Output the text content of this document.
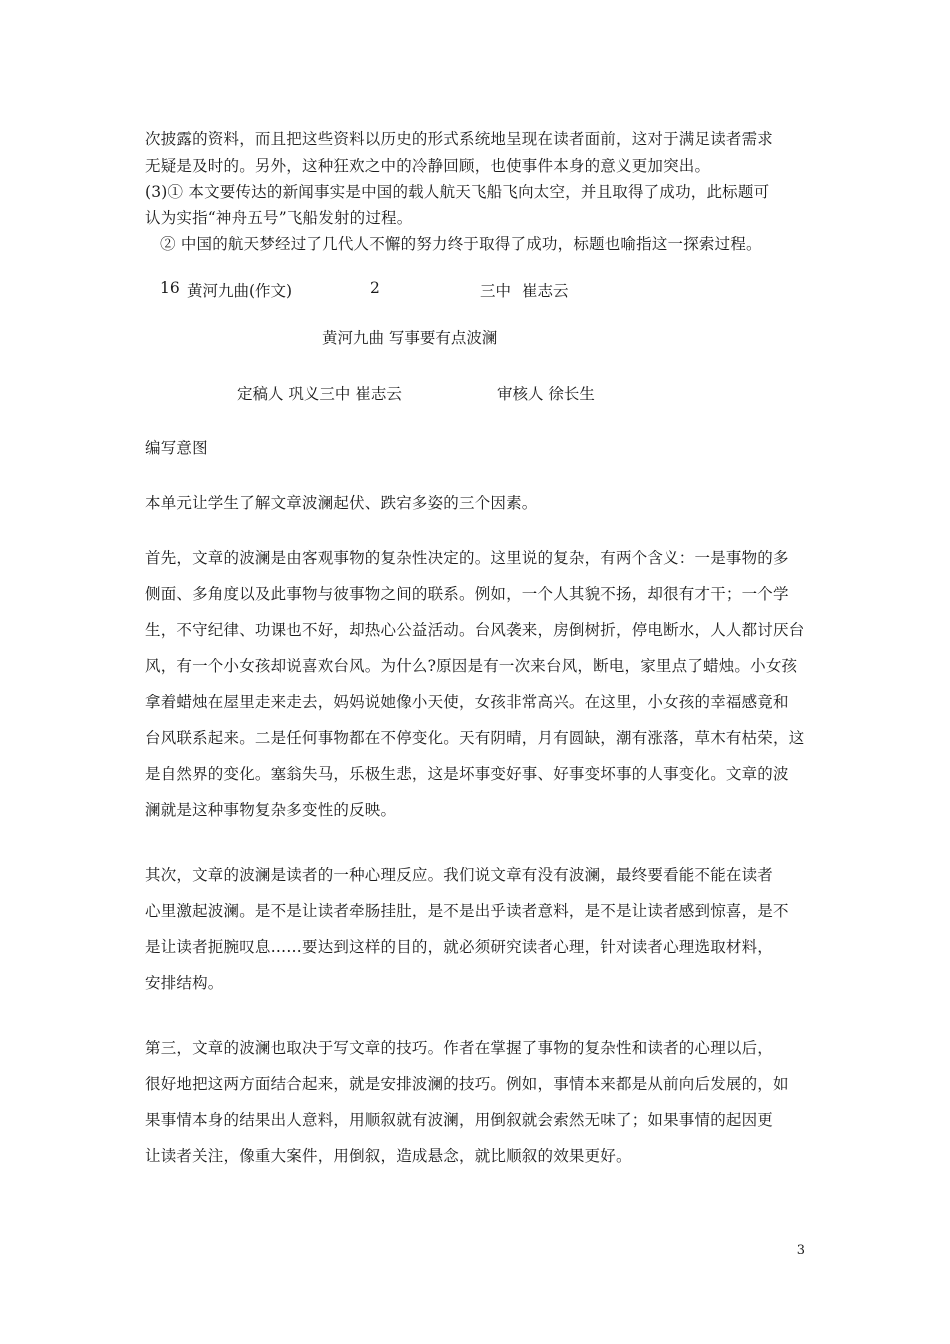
次披露的资料，而且把这些资料以历史的形式系统地呈现在读者面前，这对于满足读者需求
无疑是及时的。另外，这种狂欢之中的冷静回顾，也使事件本身的意义更加突出。
(3)① 本文要传达的新闻事实是中国的载人航天飞船飞向太空，并且取得了成功，此标题可
认为实指“神舟五号”飞船发射的过程。
② 中国的航天梦经过了几代人不懈的努力终于取得了成功，标题也喻指这一探索过程。
16 黄河九曲(作文)	2	三中 崔志云
黄河九曲 写事要有点波澜
定稿人 巩义三中 崔志云	审核人 徐长生
编写意图
本单元让学生了解文章波澜起伏、跌宕多姿的三个因素。
首先，文章的波澜是由客观事物的复杂性决定的。这里说的复杂，有两个含义：一是事物的多
侧面、多角度以及此事物与彼事物之间的联系。例如，一个人其貌不扬，却很有才干；一个学
生，不守纪律、功课也不好，却热心公益活动。台风袭来，房倒树折，停电断水，人人都讨厌台
风，有一个小女孩却说喜欢台风。为什么?原因是有一次来台风，断电，家里点了蜡烛。小女孩
拿着蜡烛在屋里走来走去，妈妈说她像小天使，女孩非常高兴。在这里，小女孩的幸福感竟和
台风联系起来。二是任何事物都在不停变化。天有阴晴，月有圆缺，潮有涨落，草木有枯荣，这
是自然界的变化。塞翁失马，乐极生悲，这是坏事变好事、好事变坏事的人事变化。文章的波
澜就是这种事物复杂多变性的反映。
其次，文章的波澜是读者的一种心理反应。我们说文章有没有波澜，最终要看能不能在读者
心里激起波澜。是不是让读者牵肠挂肚，是不是出乎读者意料，是不是让读者感到惊喜，是不
是让读者扼腕叹息……要达到这样的目的，就必须研究读者心理，针对读者心理选取材料，
安排结构。
第三，文章的波澜也取决于写文章的技巧。作者在掌握了事物的复杂性和读者的心理以后，
很好地把这两方面结合起来，就是安排波澜的技巧。例如，事情本来都是从前向后发展的，如
果事情本身的结果出人意料，用顺叙就有波澜，用倒叙就会索然无味了；如果事情的起因更
让读者关注，像重大案件，用倒叙，造成悬念，就比顺叙的效果更好。
3
